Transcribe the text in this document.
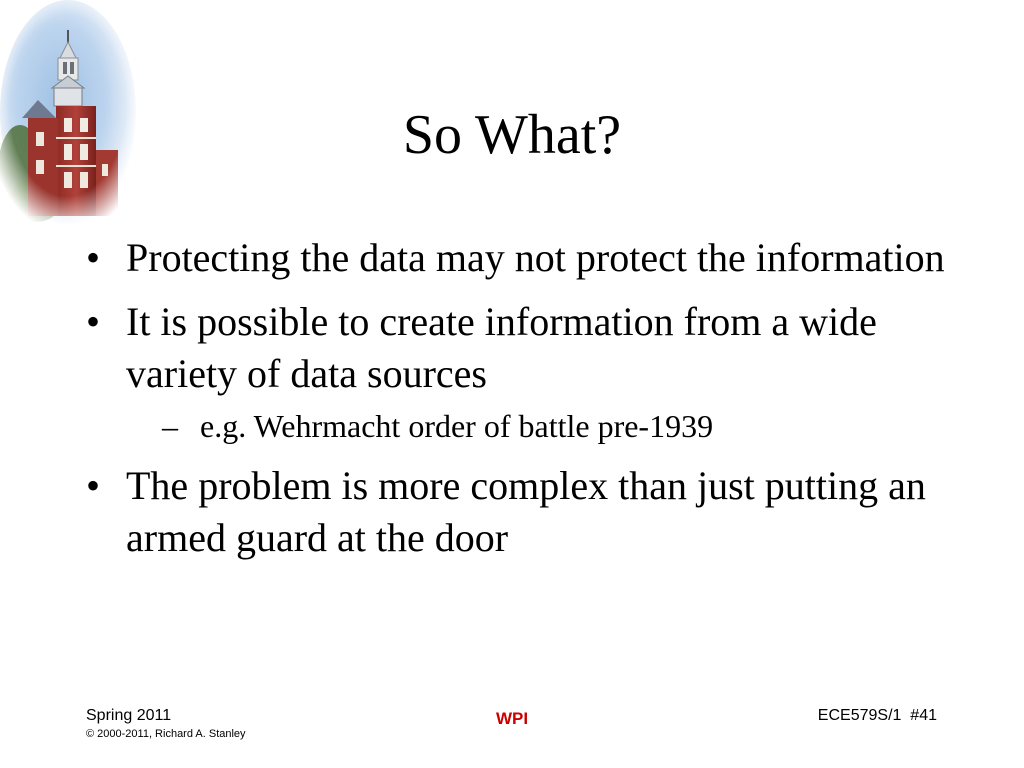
So What?
• Protecting the data may not protect the information
• It is possible to create information from a wide variety of data sources
– e.g. Wehrmacht order of battle pre-1939
• The problem is more complex than just putting an armed guard at the door
Spring 2011
© 2000-2011, Richard A. Stanley
WPI	ECE579S/1 #41
